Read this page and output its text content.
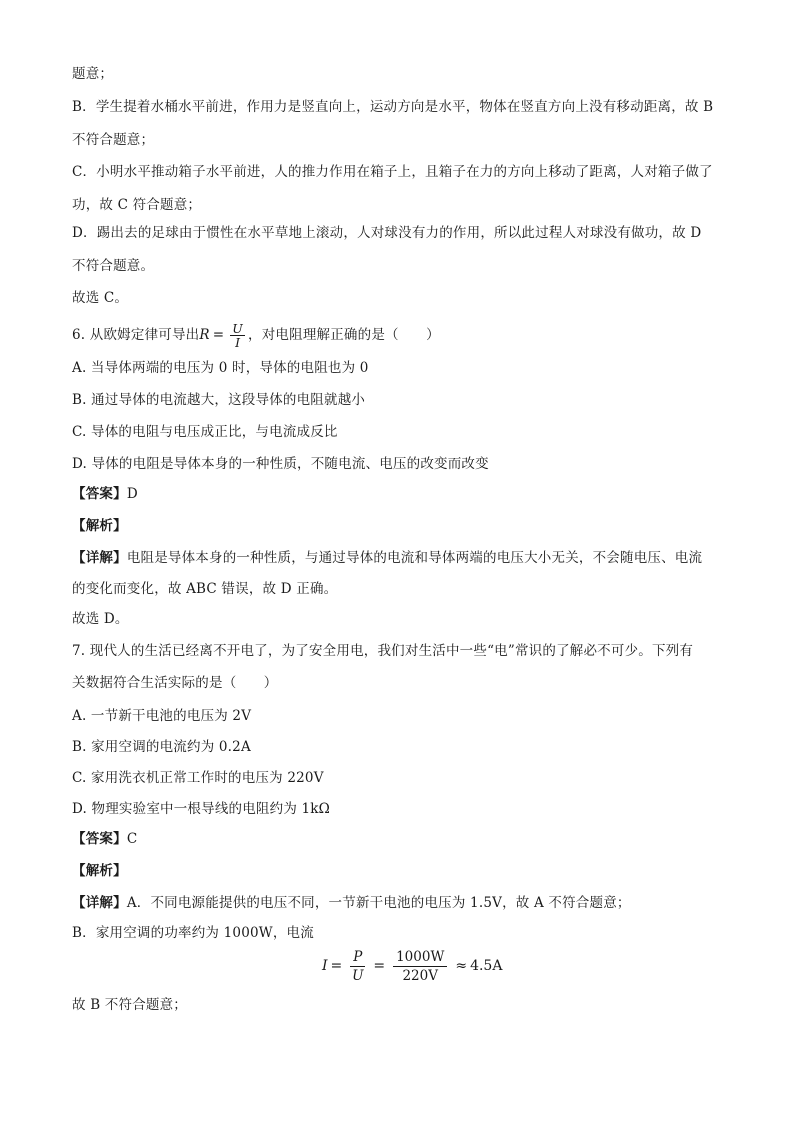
题意；
B．学生提着水桶水平前进，作用力是竖直向上，运动方向是水平，物体在竖直方向上没有移动距离，故 B
不符合题意；
C．小明水平推动箱子水平前进，人的推力作用在箱子上，且箱子在力的方向上移动了距离，人对箱子做了
功，故 C 符合题意；
D．踢出去的足球由于惯性在水平草地上滚动，人对球没有力的作用，所以此过程人对球没有做功，故 D
不符合题意。
故选 C。
6. 从欧姆定律可导出$R = \frac{U}{I}$ ，对电阻理解正确的是（　　）
A. 当导体两端的电压为 0 时，导体的电阻也为 0
B. 通过导体的电流越大，这段导体的电阻就越小
C. 导体的电阻与电压成正比，与电流成反比
D. 导体的电阻是导体本身的一种性质，不随电流、电压的改变而改变
【答案】D
【解析】
【详解】电阻是导体本身的一种性质，与通过导体的电流和导体两端的电压大小无关，不会随电压、电流
的变化而变化，故 ABC 错误，故 D 正确。
故选 D。
7. 现代人的生活已经离不开电了，为了安全用电，我们对生活中一些“电”常识的了解必不可少。下列有
关数据符合生活实际的是（　　）
A. 一节新干电池的电压为 2V
B. 家用空调的电流约为 0.2A
C. 家用洗衣机正常工作时的电压为 220V
D. 物理实验室中一根导线的电阻约为 1kΩ
【答案】C
【解析】
【详解】A．不同电源能提供的电压不同，一节新干电池的电压为 1.5V，故 A 不符合题意；
B．家用空调的功率约为 1000W，电流
$I = \frac{P}{U} = \frac{1000W}{220V} \approx 4.5A$
故 B 不符合题意；
